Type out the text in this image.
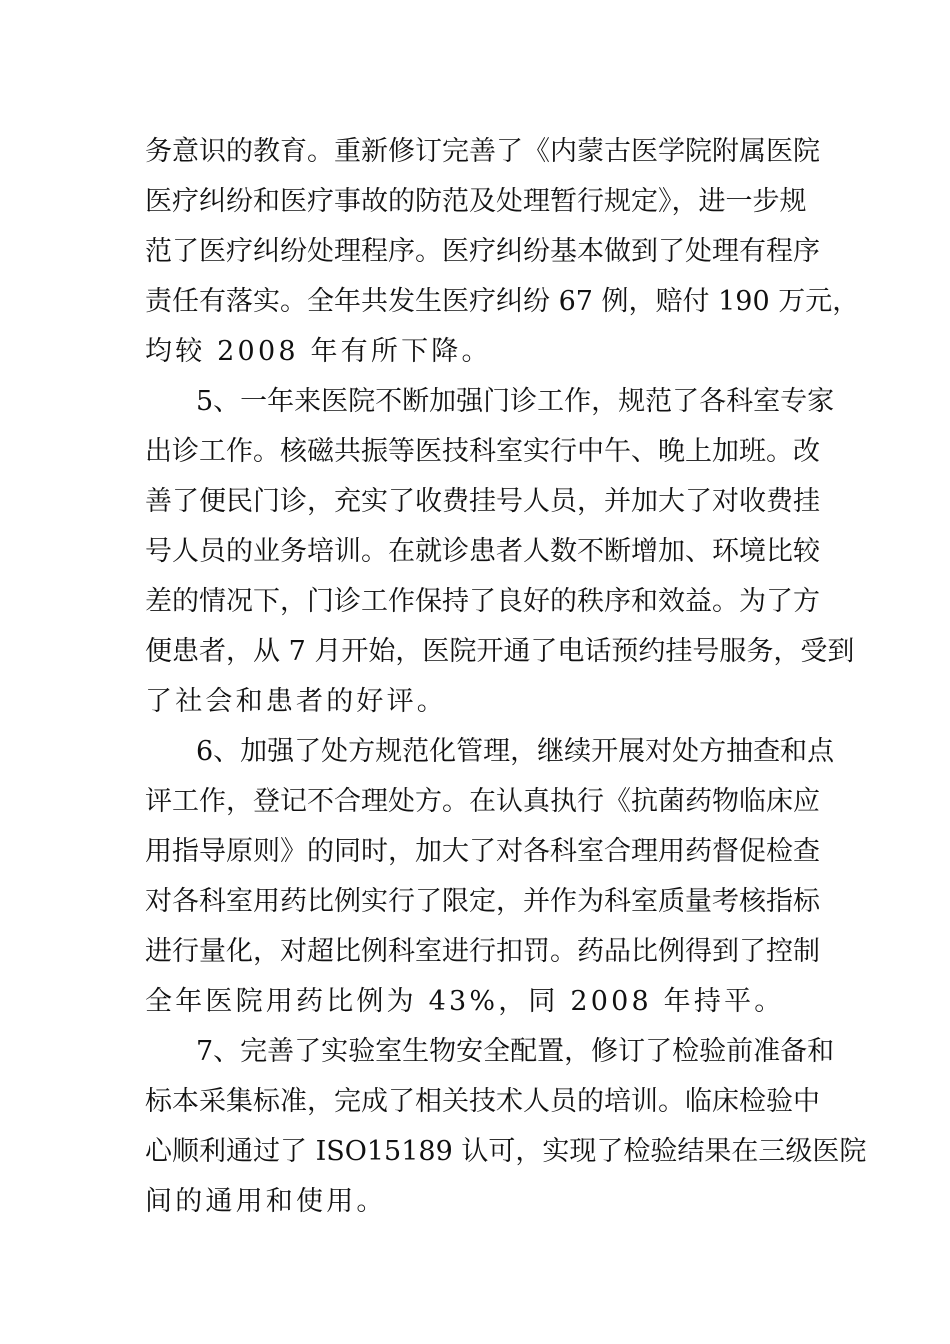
务意识的教育。重新修订完善了《内蒙古医学院附属医院
医疗纠纷和医疗事故的防范及处理暂行规定》，进一步规
范了医疗纠纷处理程序。医疗纠纷基本做到了处理有程序
责任有落实。全年共发生医疗纠纷 67 例，赔付 190 万元，
均较 2008 年有所下降。
5、一年来医院不断加强门诊工作，规范了各科室专家
出诊工作。核磁共振等医技科室实行中午、晚上加班。改
善了便民门诊，充实了收费挂号人员，并加大了对收费挂
号人员的业务培训。在就诊患者人数不断增加、环境比较
差的情况下，门诊工作保持了良好的秩序和效益。为了方
便患者，从 7 月开始，医院开通了电话预约挂号服务，受到
了社会和患者的好评。
6、加强了处方规范化管理，继续开展对处方抽查和点
评工作，登记不合理处方。在认真执行《抗菌药物临床应
用指导原则》的同时，加大了对各科室合理用药督促检查
对各科室用药比例实行了限定，并作为科室质量考核指标
进行量化，对超比例科室进行扣罚。药品比例得到了控制
全年医院用药比例为 43%，同 2008 年持平。
7、完善了实验室生物安全配置，修订了检验前准备和
标本采集标准，完成了相关技术人员的培训。临床检验中
心顺利通过了 ISO15189 认可，实现了检验结果在三级医院
间的通用和使用。
